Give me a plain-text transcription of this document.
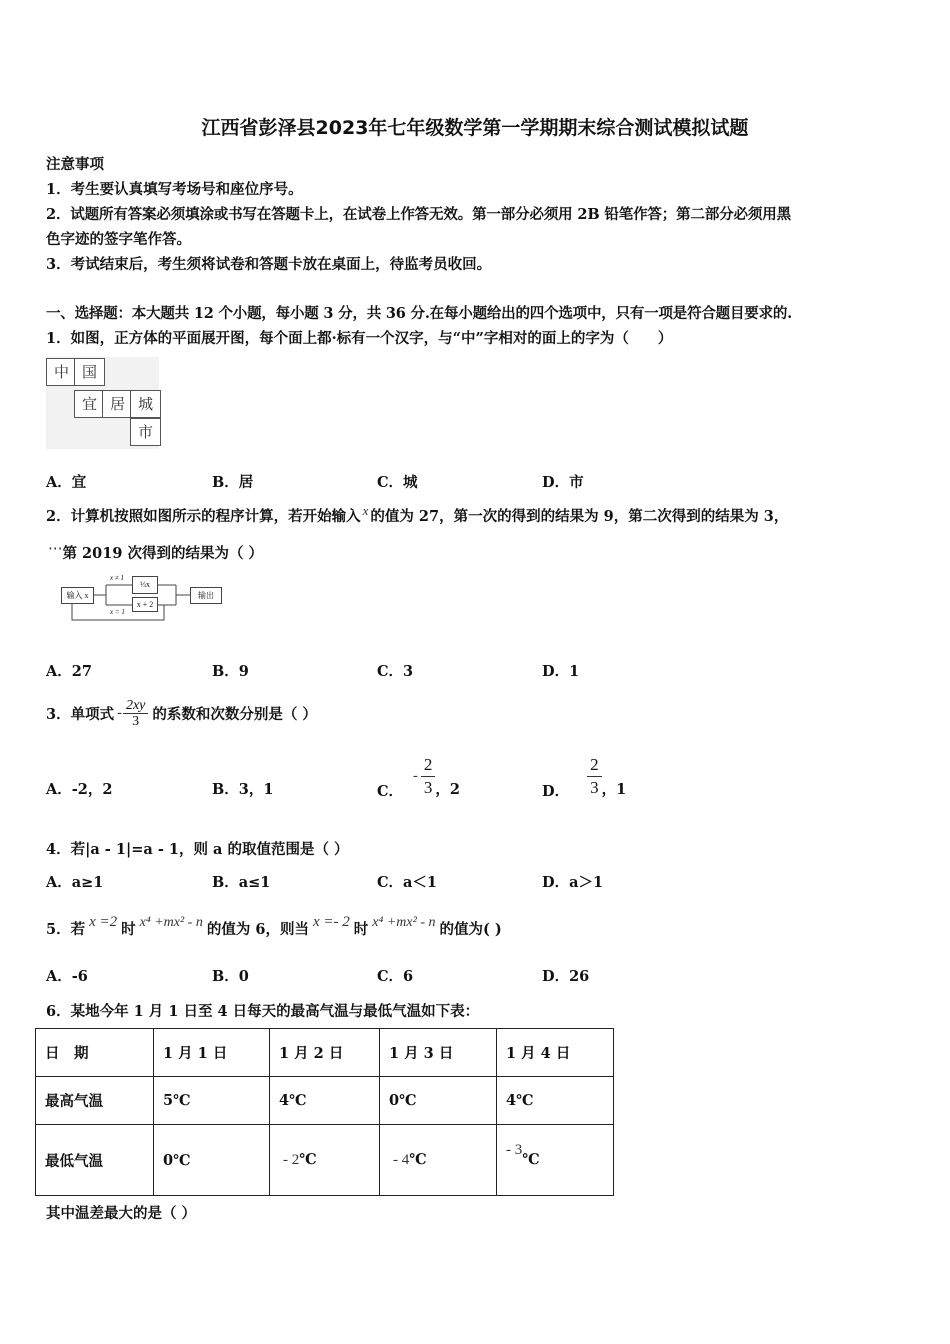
江西省彭泽县2023年七年级数学第一学期期末综合测试模拟试题
注意事项
1．考生要认真填写考场号和座位序号。
2．试题所有答案必须填涂或书写在答题卡上，在试卷上作答无效。第一部分必须用 2B 铅笔作答；第二部分必须用黑
色字迹的签字笔作答。
3．考试结束后，考生须将试卷和答题卡放在桌面上，待监考员收回。
一、选择题：本大题共 12 个小题，每小题 3 分，共 36 分.在每小题给出的四个选项中，只有一项是符合题目要求的.
1．如图，正方体的平面展开图，每个面上都·标有一个汉字，与“中”字相对的面上的字为（　　）
中 国
宜 居 城
市
A．宜	B．居	C．城	D．市
2．计算机按照如图所示的程序计算，若开始输入 x 的值为 27，第一次的得到的结果为 9，第二次得到的结果为 3，
⋯第 2019 次得到的结果为（ ）
输入 x
x ≠ 1
⅓x
x = 1
x + 2
输出
A．27	B．9	C．3	D．1
3．单项式 - $\frac{2xy}{3}$ 的系数和次数分别是（ ）
A．-2，2	B．3，1	C．
- $\frac{2}{3}$ ，2	D． $\frac{2}{3}$ ，1
4．若|a - 1|=a - 1，则 a 的取值范围是（ ）
A．a≥1	B．a≤1	C．a＜1	D．a＞1
5．若 x =2 时 x⁴ +mx² - n 的值为 6，则当 x =- 2 时 x⁴ +mx² - n 的值为( )
A．-6	B．0	C．6	D．26
6．某地今年 1 月 1 日至 4 日每天的最高气温与最低气温如下表：
日　期	1 月 1 日	1 月 2 日	1 月 3 日	1 月 4 日
最高气温	5℃	4℃	0℃	4℃
最低气温	0℃	- 2℃	- 4℃	- 3℃
其中温差最大的是（ ）
